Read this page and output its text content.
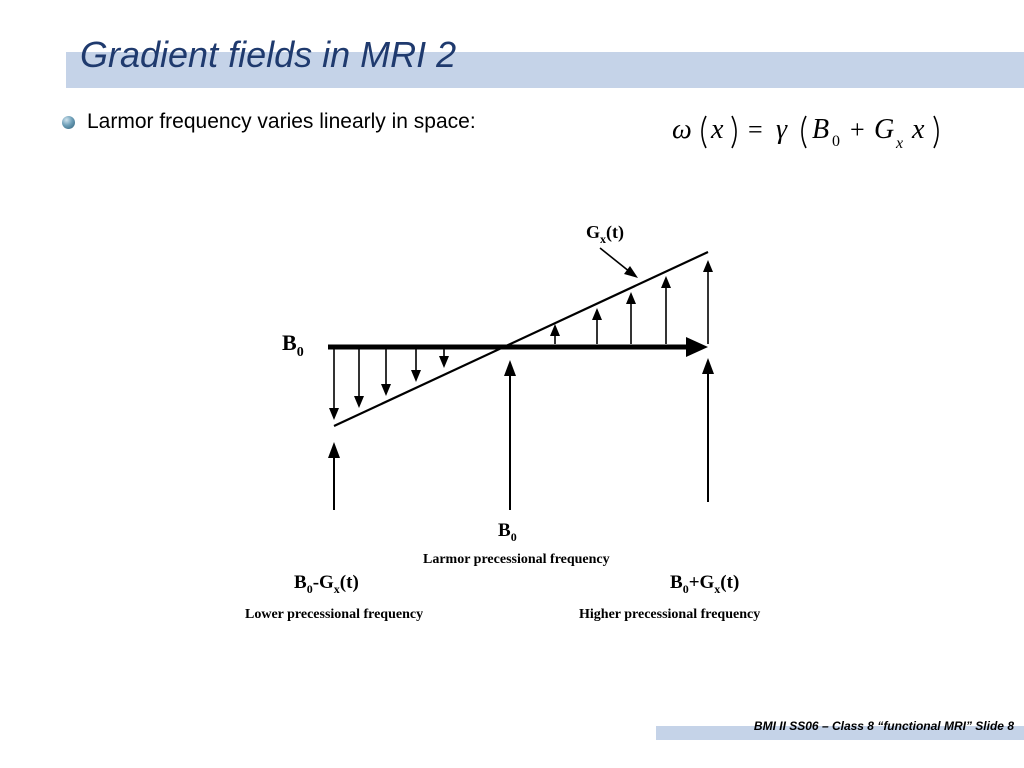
Gradient fields in MRI 2
Larmor frequency varies linearly in space:	ω x = γ B 0 + G x x
$G_x(t)$
$B_0$
$B_0$
Larmor precessional frequency
$B_0-G_x(t)$
Lower precessional frequency
$B_0+G_x(t)$
Higher precessional frequency
BMI II SS06 – Class 8 “functional MRI” Slide 8
